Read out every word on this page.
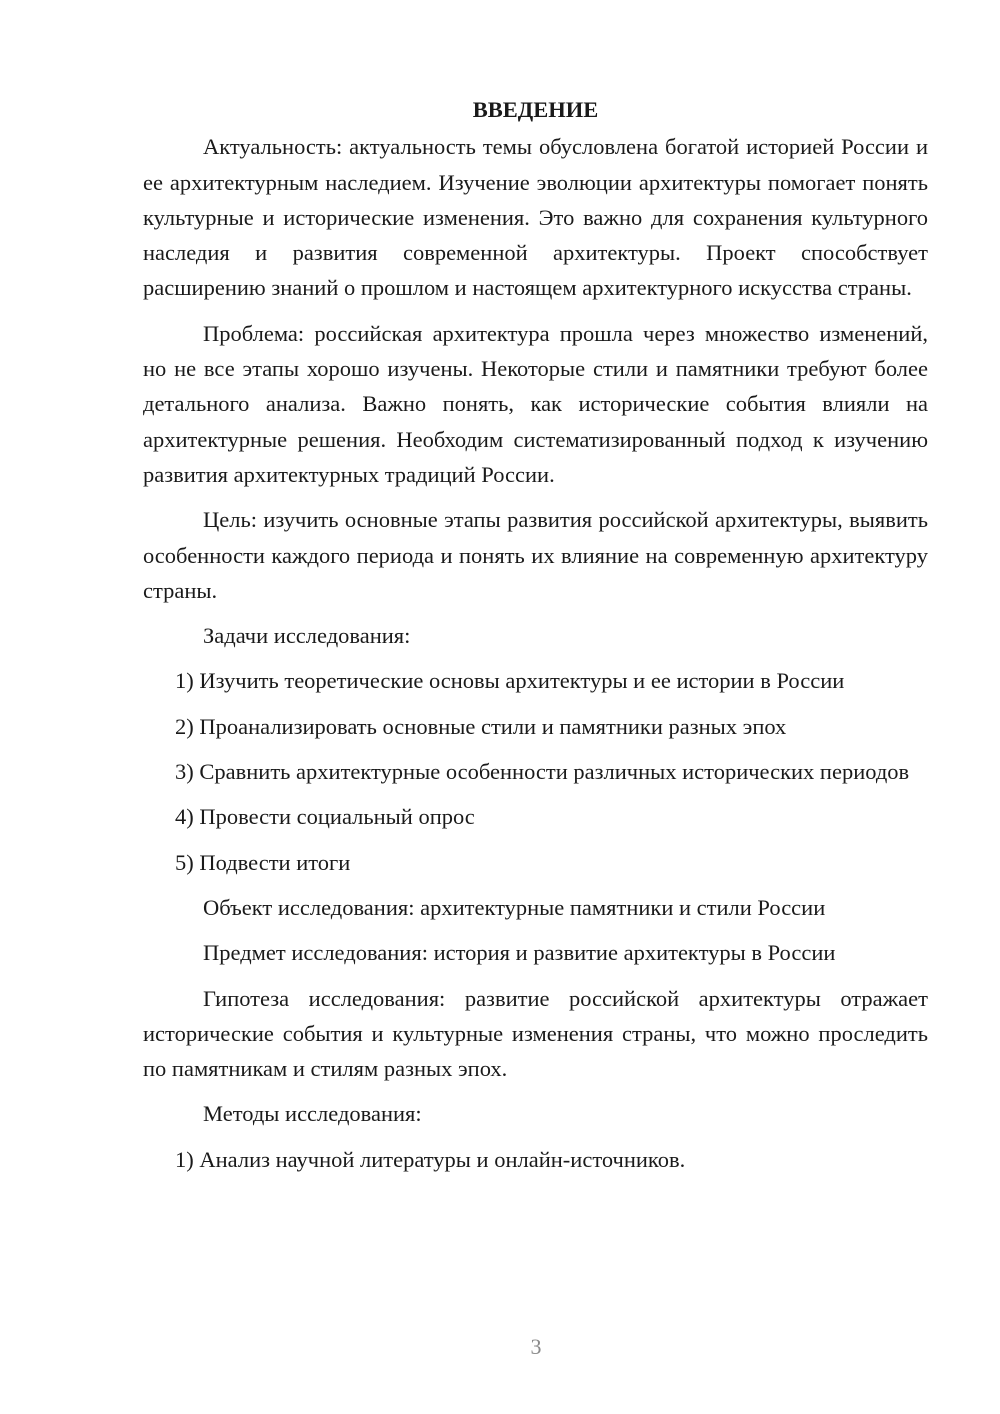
ВВЕДЕНИЕ

Актуальность: актуальность темы обусловлена богатой историей России и ее архитектурным наследием. Изучение эволюции архитектуры помогает понять культурные и исторические изменения. Это важно для сохранения культурного наследия и развития современной архитектуры. Проект способствует расширению знаний о прошлом и настоящем архитектурного искусства страны.

Проблема: российская архитектура прошла через множество изменений, но не все этапы хорошо изучены. Некоторые стили и памятники требуют более детального анализа. Важно понять, как исторические события влияли на архитектурные решения. Необходим систематизированный подход к изучению развития архитектурных традиций России.

Цель: изучить основные этапы развития российской архитектуры, выявить особенности каждого периода и понять их влияние на современную архитектуру страны.

Задачи исследования:

1) Изучить теоретические основы архитектуры и ее истории в России

2) Проанализировать основные стили и памятники разных эпох

3) Сравнить архитектурные особенности различных исторических периодов

4) Провести социальный опрос

5) Подвести итоги

Объект исследования: архитектурные памятники и стили России

Предмет исследования: история и развитие архитектуры в России

Гипотеза исследования: развитие российской архитектуры отражает исторические события и культурные изменения страны, что можно проследить по памятникам и стилям разных эпох.

Методы исследования:

1) Анализ научной литературы и онлайн-источников.

3
